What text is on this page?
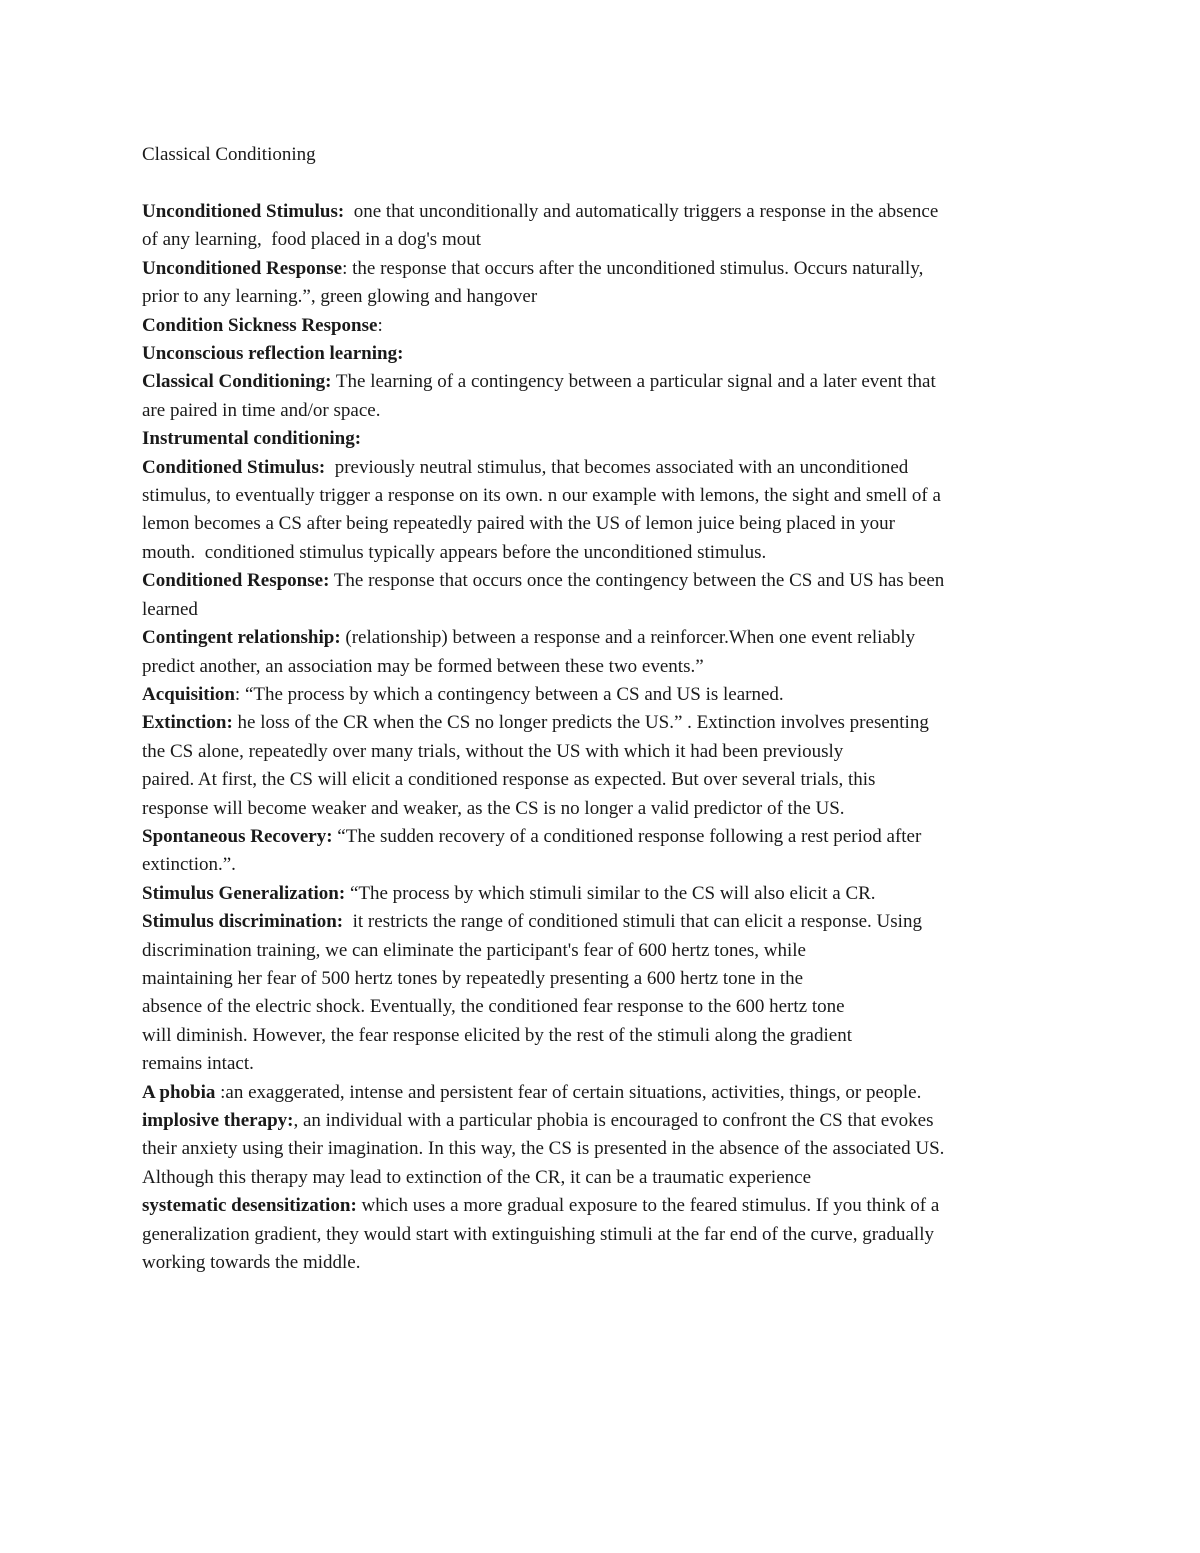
Classical Conditioning
Unconditioned Stimulus:  one that unconditionally and automatically triggers a response in the absence
of any learning,  food placed in a dog's mout
Unconditioned Response: the response that occurs after the unconditioned stimulus. Occurs naturally,
prior to any learning.”, green glowing and hangover
Condition Sickness Response:
Unconscious reflection learning:
Classical Conditioning: The learning of a contingency between a particular signal and a later event that
are paired in time and/or space.
Instrumental conditioning:
Conditioned Stimulus:  previously neutral stimulus, that becomes associated with an unconditioned
stimulus, to eventually trigger a response on its own. n our example with lemons, the sight and smell of a
lemon becomes a CS after being repeatedly paired with the US of lemon juice being placed in your
mouth.  conditioned stimulus typically appears before the unconditioned stimulus.
Conditioned Response: The response that occurs once the contingency between the CS and US has been
learned
Contingent relationship: (relationship) between a response and a reinforcer.When one event reliably
predict another, an association may be formed between these two events.”
Acquisition: “The process by which a contingency between a CS and US is learned.
Extinction: he loss of the CR when the CS no longer predicts the US.” . Extinction involves presenting
the CS alone, repeatedly over many trials, without the US with which it had been previously
paired. At first, the CS will elicit a conditioned response as expected. But over several trials, this
response will become weaker and weaker, as the CS is no longer a valid predictor of the US.
Spontaneous Recovery: “The sudden recovery of a conditioned response following a rest period after
extinction.”.
Stimulus Generalization: “The process by which stimuli similar to the CS will also elicit a CR.
Stimulus discrimination:  it restricts the range of conditioned stimuli that can elicit a response. Using
discrimination training, we can eliminate the participant's fear of 600 hertz tones, while
maintaining her fear of 500 hertz tones by repeatedly presenting a 600 hertz tone in the
absence of the electric shock. Eventually, the conditioned fear response to the 600 hertz tone
will diminish. However, the fear response elicited by the rest of the stimuli along the gradient
remains intact.
A phobia :an exaggerated, intense and persistent fear of certain situations, activities, things, or people.
implosive therapy:, an individual with a particular phobia is encouraged to confront the CS that evokes
their anxiety using their imagination. In this way, the CS is presented in the absence of the associated US.
Although this therapy may lead to extinction of the CR, it can be a traumatic experience
systematic desensitization: which uses a more gradual exposure to the feared stimulus. If you think of a
generalization gradient, they would start with extinguishing stimuli at the far end of the curve, gradually
working towards the middle.
